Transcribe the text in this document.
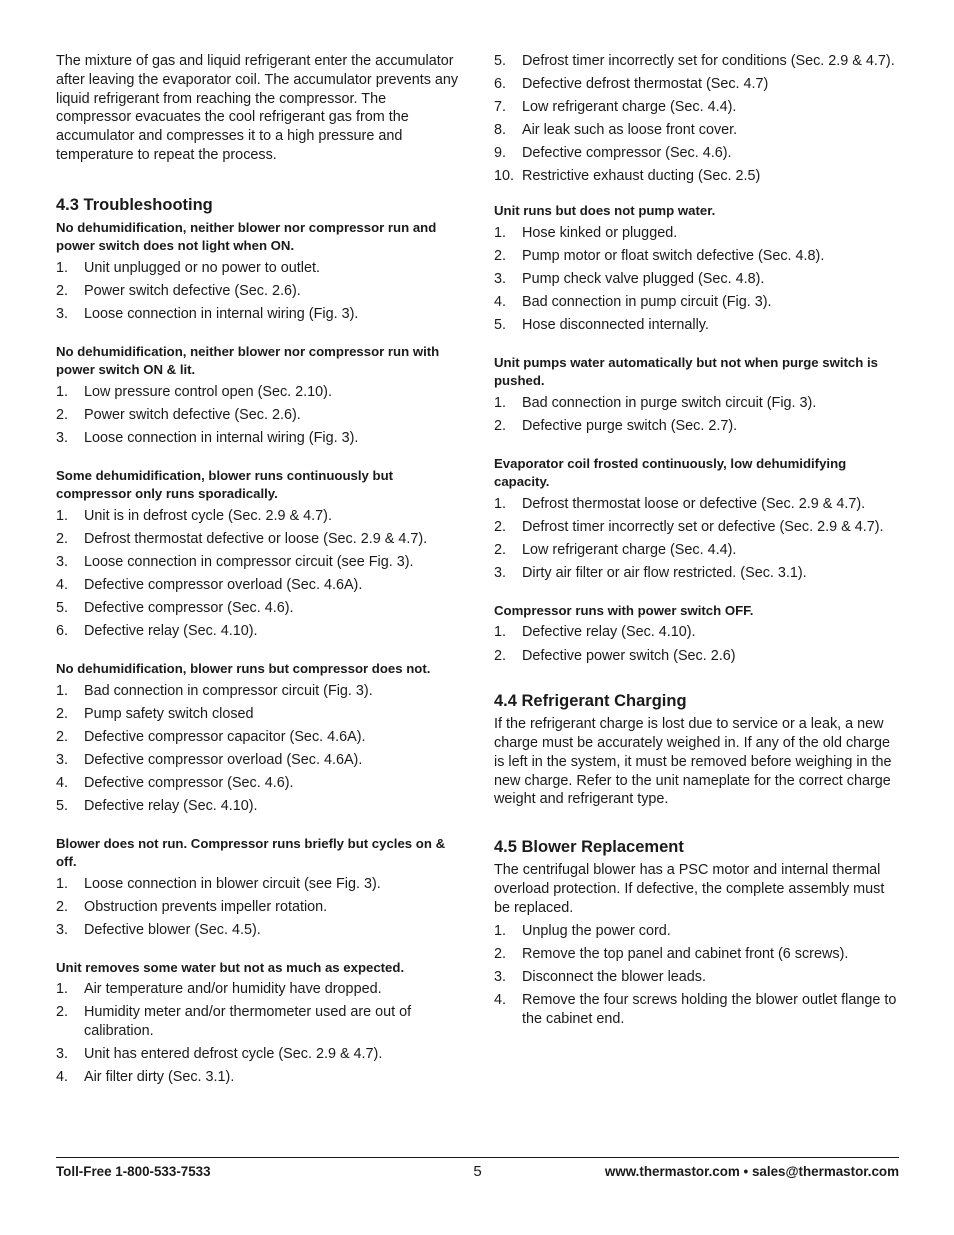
The mixture of gas and liquid refrigerant enter the accumulator after leaving the evaporator coil. The accumulator prevents any liquid refrigerant from reaching the compressor. The compressor evacuates the cool refrigerant gas from the accumulator and compresses it to a high pressure and temperature to repeat the process.

4.3 Troubleshooting
No dehumidification, neither blower nor compressor run and power switch does not light when ON.
1.	Unit unplugged or no power to outlet.
2.	Power switch defective (Sec. 2.6).
3.	Loose connection in internal wiring (Fig. 3).
No dehumidification, neither blower nor compressor run with power switch ON & lit.
1.	Low pressure control open (Sec. 2.10).
2.	Power switch defective (Sec. 2.6).
3.	Loose connection in internal wiring (Fig. 3).
Some dehumidification, blower runs continuously but compressor only runs sporadically.
1.	Unit is in defrost cycle (Sec. 2.9 & 4.7).
2.	Defrost thermostat defective or loose (Sec. 2.9 & 4.7).
3.	Loose connection in compressor circuit (see Fig. 3).
4.	Defective compressor overload (Sec. 4.6A).
5.	Defective compressor (Sec. 4.6).
6.	Defective relay (Sec. 4.10).
No dehumidification, blower runs but compressor does not.
1.	Bad connection in compressor circuit (Fig. 3).
2.	Pump safety switch closed
2.	Defective compressor capacitor (Sec. 4.6A).
3.	Defective compressor overload (Sec. 4.6A).
4.	Defective compressor (Sec. 4.6).
5.	Defective relay (Sec. 4.10).
Blower does not run. Compressor runs briefly but cycles on & off.
1.	Loose connection in blower circuit (see Fig. 3).
2.	Obstruction prevents impeller rotation.
3.	Defective blower (Sec. 4.5).
Unit removes some water but not as much as expected.
1.	Air temperature and/or humidity have dropped.
2.	Humidity meter and/or thermometer used are out of calibration.
3.	Unit has entered defrost cycle (Sec. 2.9 & 4.7).
4.	Air filter dirty (Sec. 3.1).
5.	Defrost timer incorrectly set for conditions (Sec. 2.9 & 4.7).
6.	Defective defrost thermostat (Sec. 4.7)
7.	Low refrigerant charge (Sec. 4.4).
8.	Air leak such as loose front cover.
9.	Defective compressor (Sec. 4.6).
10. Restrictive exhaust ducting (Sec. 2.5)
Unit runs but does not pump water.
1.	Hose kinked or plugged.
2.	Pump motor or float switch defective (Sec. 4.8).
3.	Pump check valve plugged (Sec. 4.8).
4.	Bad connection in pump circuit (Fig. 3).
5.	Hose disconnected internally.
Unit pumps water automatically but not when purge switch is pushed.
1.	Bad connection in purge switch circuit (Fig. 3).
2.	Defective purge switch (Sec. 2.7).
Evaporator coil frosted continuously, low dehumidifying capacity.
1.	Defrost thermostat loose or defective (Sec. 2.9 & 4.7).
2.	Defrost timer incorrectly set or defective (Sec. 2.9 & 4.7).
2.	Low refrigerant charge (Sec. 4.4).
3.	Dirty air filter or air flow restricted. (Sec. 3.1).
Compressor runs with power switch OFF.
1.	Defective relay (Sec. 4.10).
2.	Defective power switch (Sec. 2.6)
4.4 Refrigerant Charging

If the refrigerant charge is lost due to service or a leak, a new charge must be accurately weighed in. If any of the old charge is left in the system, it must be removed before weighing in the new charge. Refer to the unit nameplate for the correct charge weight and refrigerant type.

4.5 Blower Replacement

The centrifugal blower has a PSC motor and internal thermal overload protection. If defective, the complete assembly must be replaced.

1.	Unplug the power cord.
2.	Remove the top panel and cabinet front (6 screws).
3.	Disconnect the blower leads.
4.	Remove the four screws holding the blower outlet flange to the cabinet end.
Toll-Free 1-800-533-7533	5	www.thermastor.com • sales@thermastor.com
